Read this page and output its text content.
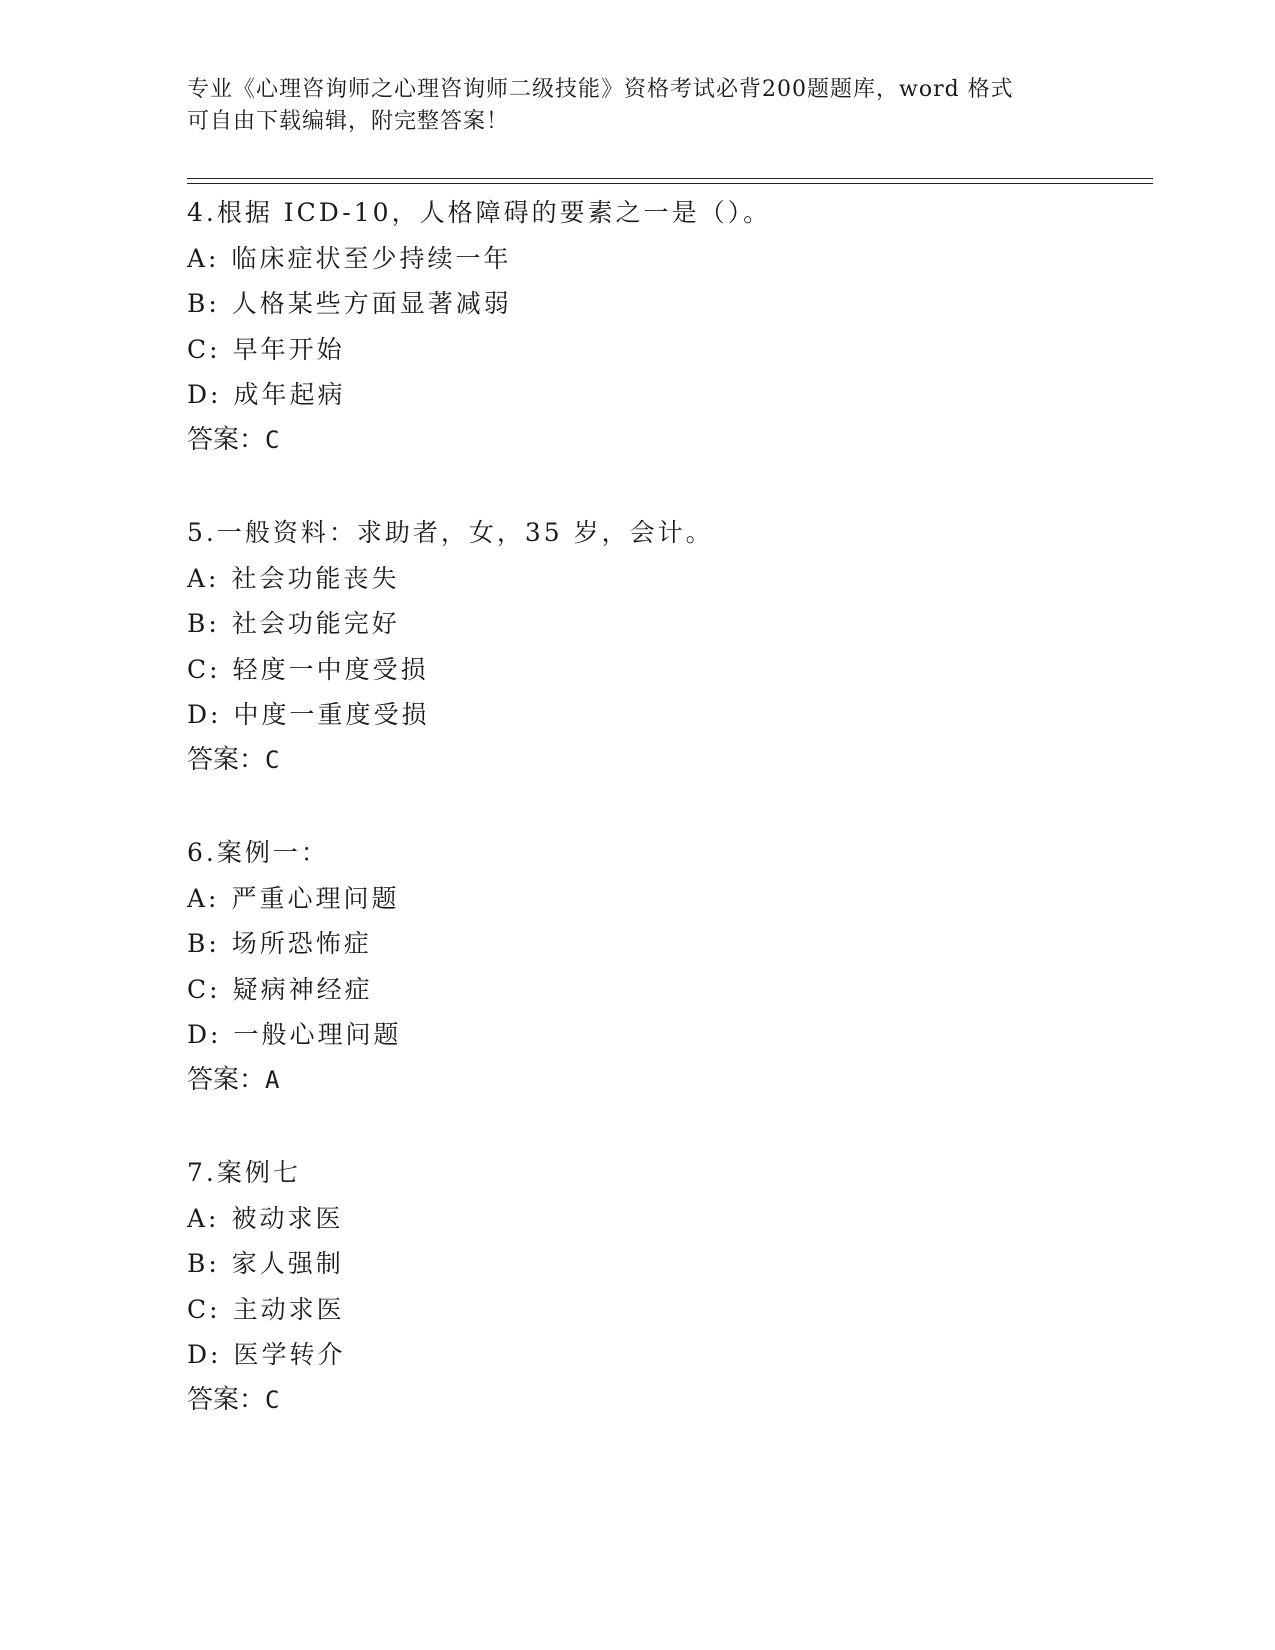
专业《心理咨询师之心理咨询师二级技能》资格考试必背200题题库，word 格式
可自由下载编辑，附完整答案！
4.根据 ICD-10，人格障碍的要素之一是（）。
A: 临床症状至少持续一年
B: 人格某些方面显著减弱
C: 早年开始
D: 成年起病
答案：C
5.一般资料：求助者，女，35 岁，会计。
A: 社会功能丧失
B: 社会功能完好
C: 轻度一中度受损
D: 中度一重度受损
答案：C
6.案例一：
A: 严重心理问题
B: 场所恐怖症
C: 疑病神经症
D: 一般心理问题
答案：A
7.案例七
A: 被动求医
B: 家人强制
C: 主动求医
D: 医学转介
答案：C
